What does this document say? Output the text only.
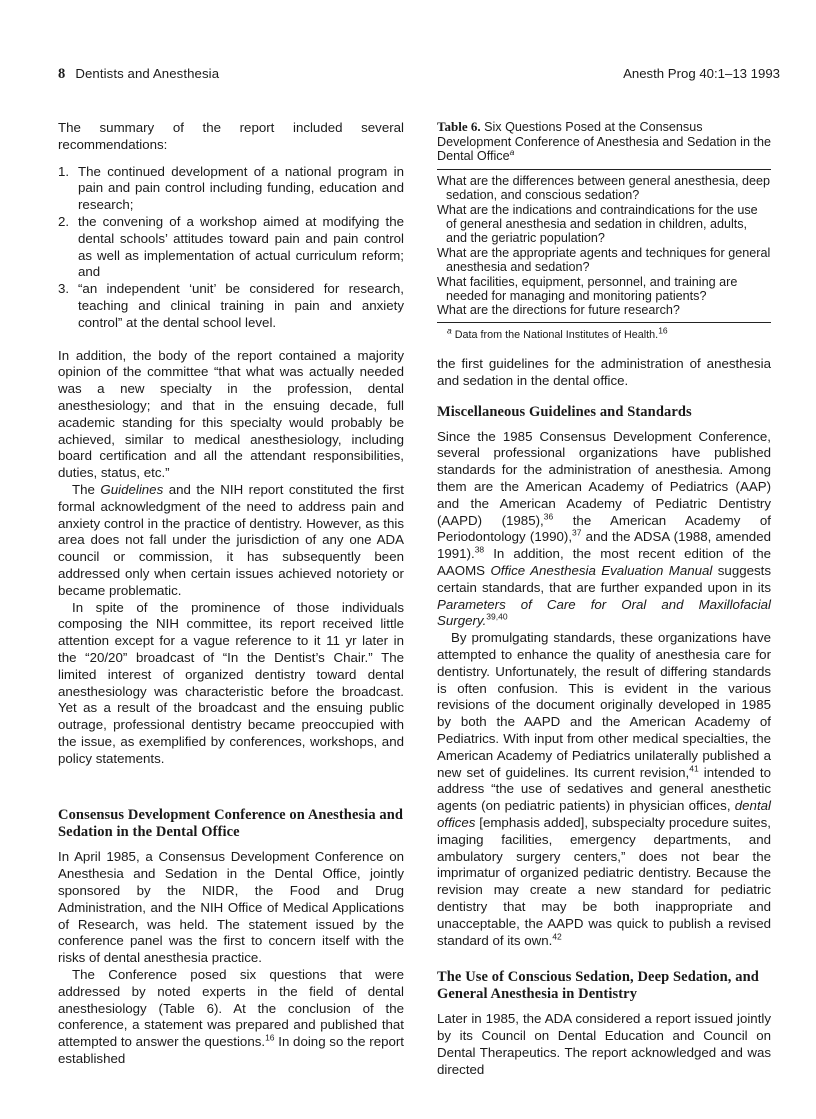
8 Dentists and Anesthesia	Anesth Prog 40:1–13 1993

The summary of the report included several recommendations:

1. The continued development of a national program in pain and pain control including funding, education and research;
2. the convening of a workshop aimed at modifying the dental schools’ attitudes toward pain and pain control as well as implementation of actual curriculum reform; and
3. “an independent ‘unit’ be considered for research, teaching and clinical training in pain and anxiety control” at the dental school level.

In addition, the body of the report contained a majority opinion of the committee “that what was actually needed was a new specialty in the profession, dental anesthesiology; and that in the ensuing decade, full academic standing for this specialty would probably be achieved, similar to medical anesthesiology, including board certification and all the attendant responsibilities, duties, status, etc.”

The Guidelines and the NIH report constituted the first formal acknowledgment of the need to address pain and anxiety control in the practice of dentistry. However, as this area does not fall under the jurisdiction of any one ADA council or commission, it has subsequently been addressed only when certain issues achieved notoriety or became problematic.

In spite of the prominence of those individuals composing the NIH committee, its report received little attention except for a vague reference to it 11 yr later in the “20/20” broadcast of “In the Dentist’s Chair.” The limited interest of organized dentistry toward dental anesthesiology was characteristic before the broadcast. Yet as a result of the broadcast and the ensuing public outrage, professional dentistry became preoccupied with the issue, as exemplified by conferences, workshops, and policy statements.

Consensus Development Conference on Anesthesia and Sedation in the Dental Office

In April 1985, a Consensus Development Conference on Anesthesia and Sedation in the Dental Office, jointly sponsored by the NIDR, the Food and Drug Administration, and the NIH Office of Medical Applications of Research, was held. The statement issued by the conference panel was the first to concern itself with the risks of dental anesthesia practice.

The Conference posed six questions that were addressed by noted experts in the field of dental anesthesiology (Table 6). At the conclusion of the conference, a statement was prepared and published that attempted to answer the questions.$^{16}$ In doing so the report established

Table 6. Six Questions Posed at the Consensus Development Conference of Anesthesia and Sedation in the Dental Office$^a$
What are the differences between general anesthesia, deep sedation, and conscious sedation?
What are the indications and contraindications for the use of general anesthesia and sedation in children, adults, and the geriatric population?
What are the appropriate agents and techniques for general anesthesia and sedation?
What facilities, equipment, personnel, and training are needed for managing and monitoring patients?
What are the directions for future research?
$^a$ Data from the National Institutes of Health.$^{16}$

the first guidelines for the administration of anesthesia and sedation in the dental office.

Miscellaneous Guidelines and Standards

Since the 1985 Consensus Development Conference, several professional organizations have published standards for the administration of anesthesia. Among them are the American Academy of Pediatrics (AAP) and the American Academy of Pediatric Dentistry (AAPD) (1985),$^{36}$ the American Academy of Periodontology (1990),$^{37}$ and the ADSA (1988, amended 1991).$^{38}$ In addition, the most recent edition of the AAOMS Office Anesthesia Evaluation Manual suggests certain standards, that are further expanded upon in its Parameters of Care for Oral and Maxillofacial Surgery.$^{39,40}$

By promulgating standards, these organizations have attempted to enhance the quality of anesthesia care for dentistry. Unfortunately, the result of differing standards is often confusion. This is evident in the various revisions of the document originally developed in 1985 by both the AAPD and the American Academy of Pediatrics. With input from other medical specialties, the American Academy of Pediatrics unilaterally published a new set of guidelines. Its current revision,$^{41}$ intended to address “the use of sedatives and general anesthetic agents (on pediatric patients) in physician offices, dental offices [emphasis added], subspecialty procedure suites, imaging facilities, emergency departments, and ambulatory surgery centers,” does not bear the imprimatur of organized pediatric dentistry. Because the revision may create a new standard for pediatric dentistry that may be both inappropriate and unacceptable, the AAPD was quick to publish a revised standard of its own.$^{42}$

The Use of Conscious Sedation, Deep Sedation, and General Anesthesia in Dentistry

Later in 1985, the ADA considered a report issued jointly by its Council on Dental Education and Council on Dental Therapeutics. The report acknowledged and was directed
